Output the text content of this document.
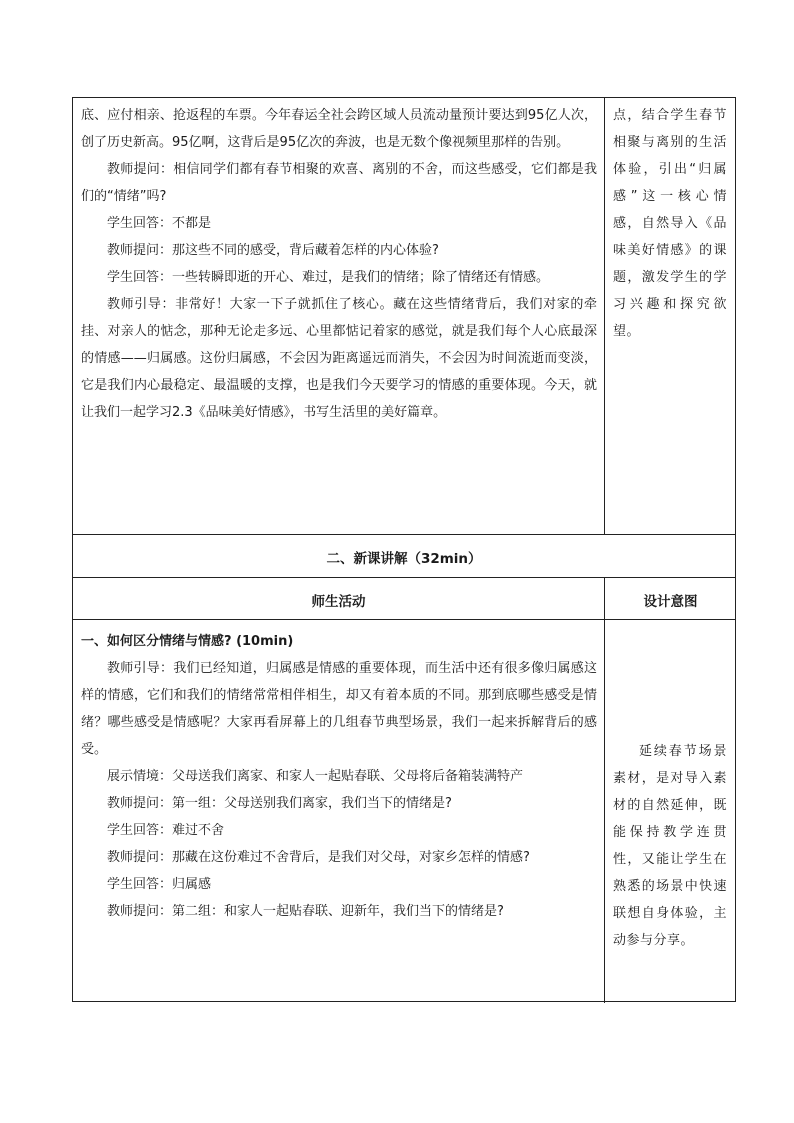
底、应付相亲、抢返程的车票。今年春运全社会跨区域人员流动量预计要达到95亿人次，创了历史新高。95亿啊，这背后是95亿次的奔波，也是无数个像视频里那样的告别。

教师提问：相信同学们都有春节相聚的欢喜、离别的不舍，而这些感受，它们都是我们的“情绪”吗?

学生回答：不都是

教师提问：那这些不同的感受，背后藏着怎样的内心体验?

学生回答：一些转瞬即逝的开心、难过，是我们的情绪；除了情绪还有情感。

教师引导：非常好！大家一下子就抓住了核心。藏在这些情绪背后，我们对家的牵挂、对亲人的惦念，那种无论走多远、心里都惦记着家的感觉，就是我们每个人心底最深的情感——归属感。这份归属感，不会因为距离遥远而消失，不会因为时间流逝而变淡，它是我们内心最稳定、最温暖的支撑，也是我们今天要学习的情感的重要体现。今天，就让我们一起学习2.3《品味美好情感》，书写生活里的美好篇章。

点，结合学生春节相聚与离别的生活体验，引出“归属感”这一核心情感，自然导入《品味美好情感》的课题，激发学生的学习兴趣和探究欲望。

二、新课讲解（32min）
师生活动	设计意图

一、如何区分情绪与情感? (10min)

教师引导：我们已经知道，归属感是情感的重要体现，而生活中还有很多像归属感这样的情感，它们和我们的情绪常常相伴相生，却又有着本质的不同。那到底哪些感受是情绪？哪些感受是情感呢？大家再看屏幕上的几组春节典型场景，我们一起来拆解背后的感受。

展示情境：父母送我们离家、和家人一起贴春联、父母将后备箱装满特产

教师提问：第一组：父母送别我们离家，我们当下的情绪是?

学生回答：难过不舍

教师提问：那藏在这份难过不舍背后，是我们对父母，对家乡怎样的情感?

学生回答：归属感

教师提问：第二组：和家人一起贴春联、迎新年，我们当下的情绪是?

延续春节场景素材，是对导入素材的自然延伸，既能保持教学连贯性，又能让学生在熟悉的场景中快速联想自身体验，主动参与分享。
